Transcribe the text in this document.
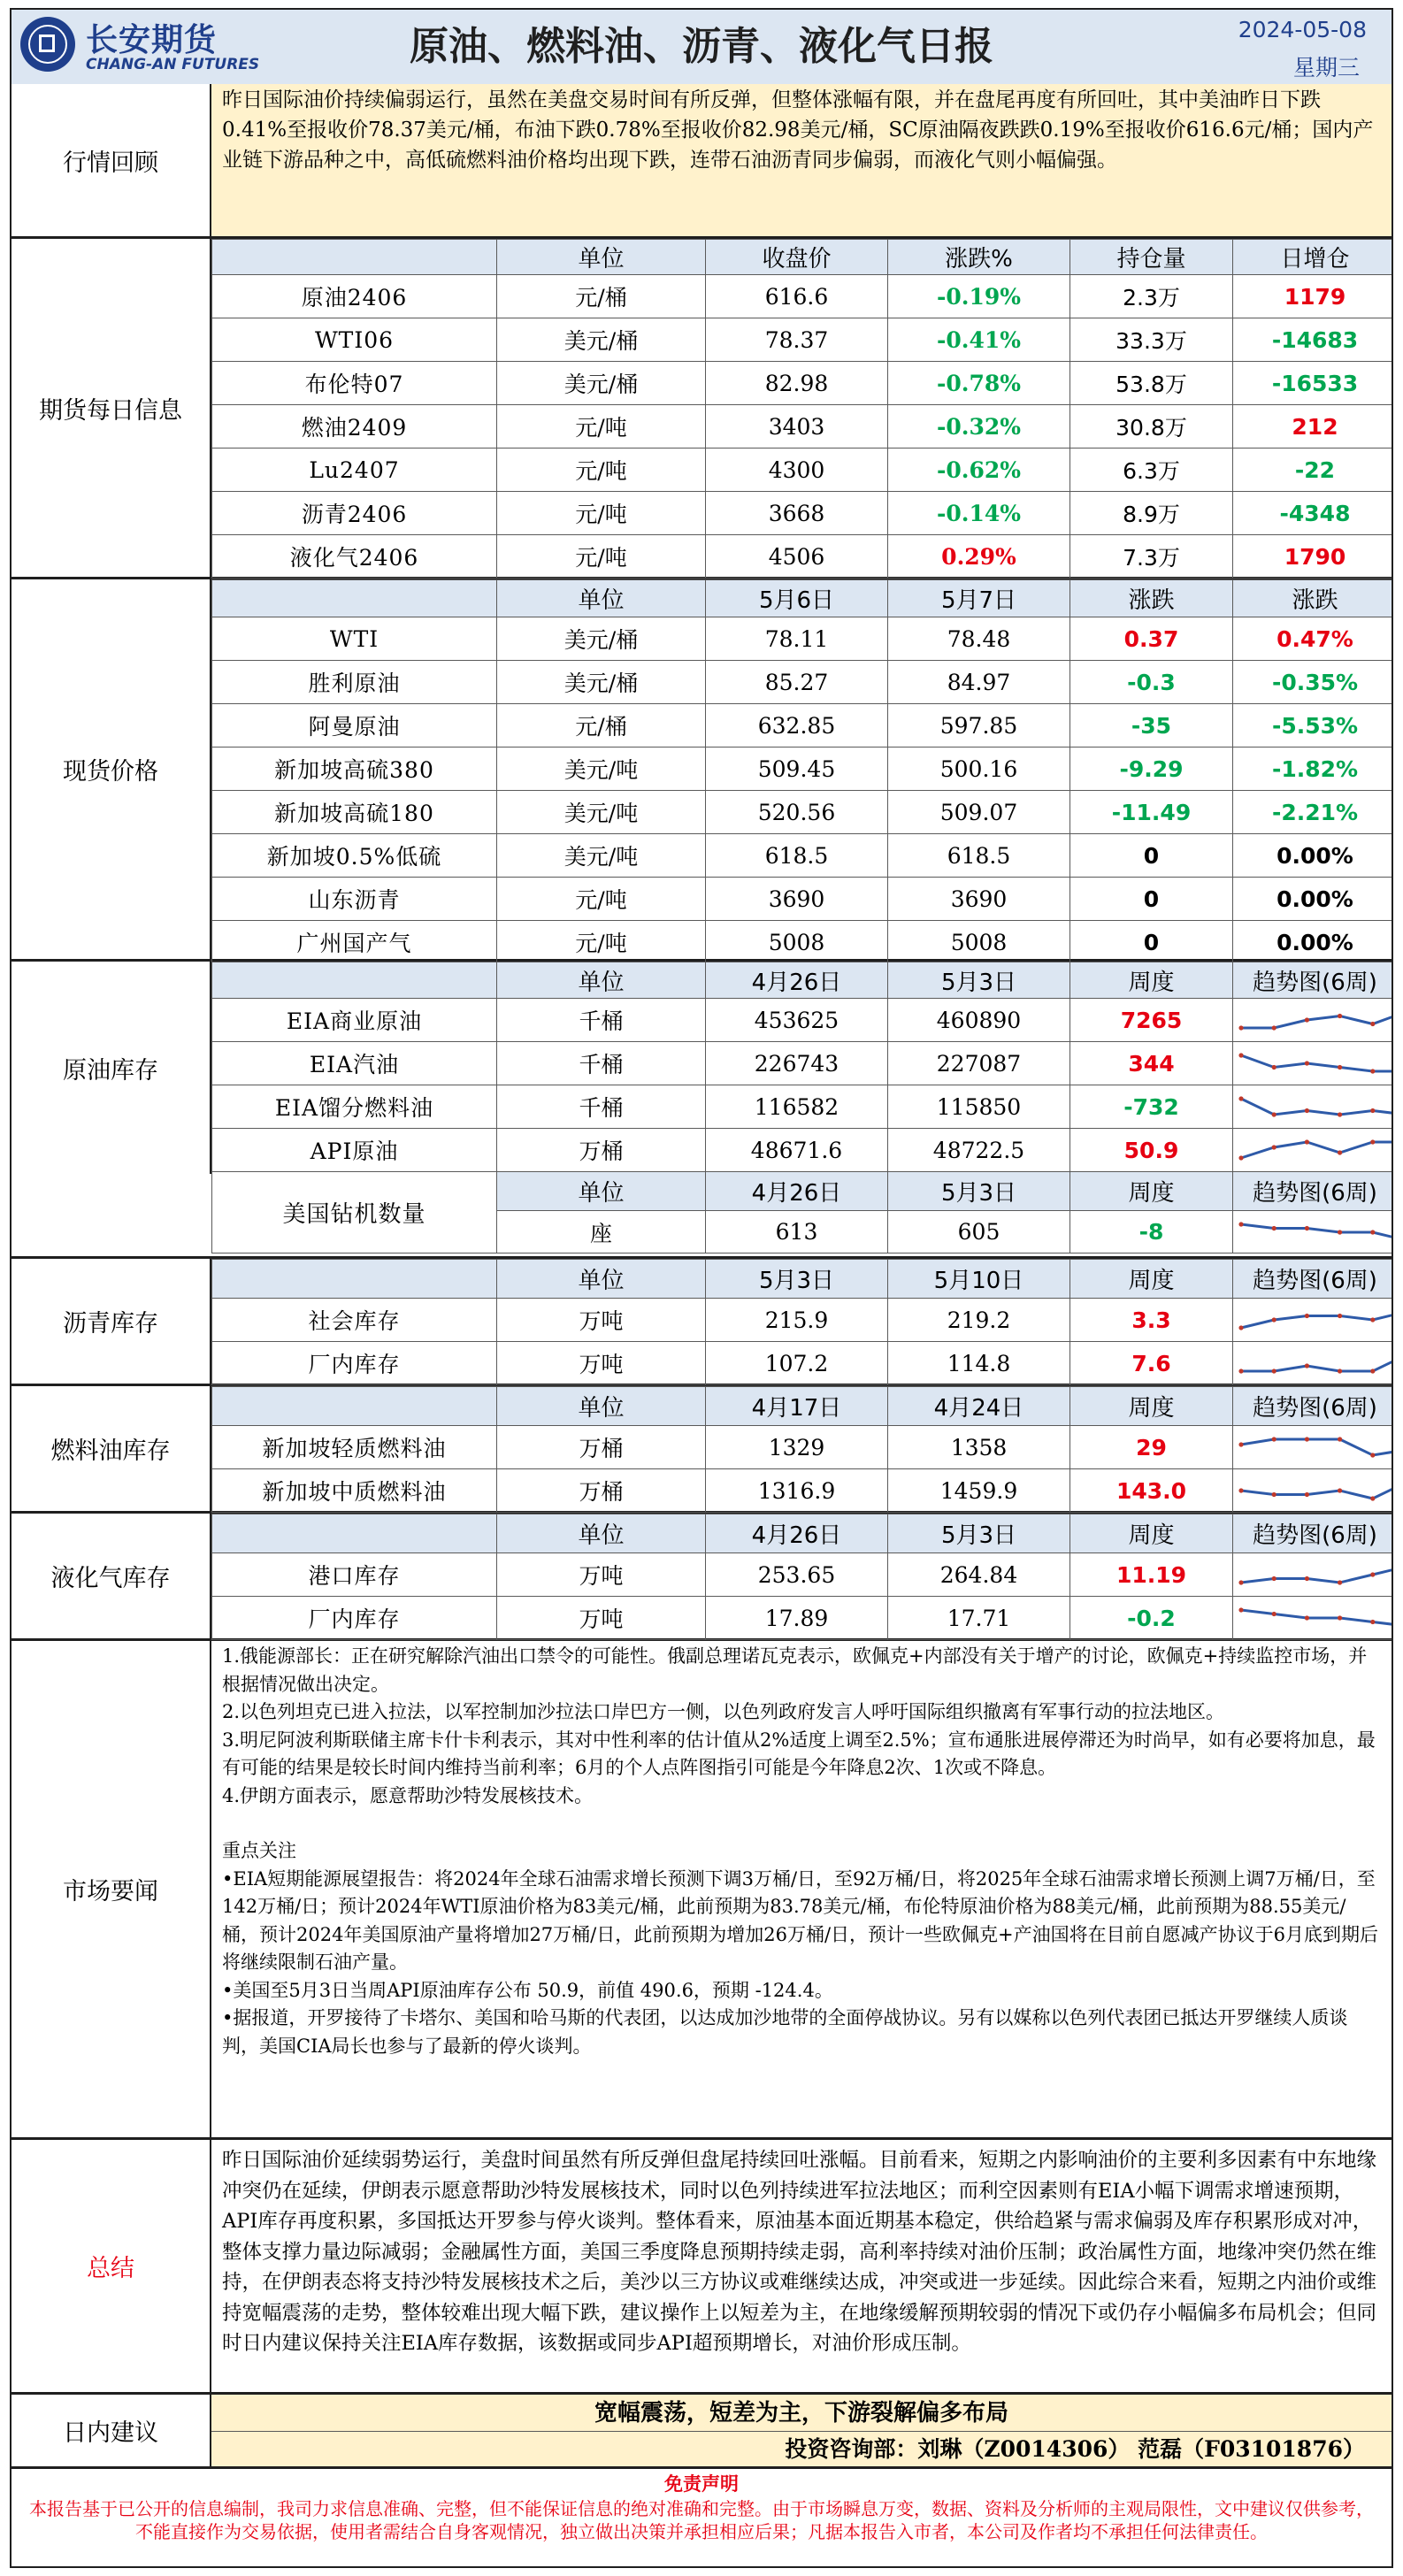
长安期货
CHANG-AN FUTURES	原油、燃料油、沥青、液化气日报	2024-05-08
星期三
行情回顾
昨日国际油价持续偏弱运行，虽然在美盘交易时间有所反弹，但整体涨幅有限，并在盘尾再度有所回吐，其中美油昨日下跌0.41%至报收价78.37美元/桶，布油下跌0.78%至报收价82.98美元/桶，SC原油隔夜跌跌0.19%至报收价616.6元/桶；国内产业链下游品种之中，高低硫燃料油价格均出现下跌，连带石油沥青同步偏弱，而液化气则小幅偏强。
期货每日信息
	单位	收盘价	涨跌%	持仓量	日增仓
原油2406	元/桶	616.6	-0.19%	2.3万	1179
WTI06	美元/桶	78.37	-0.41%	33.3万	-14683
布伦特07	美元/桶	82.98	-0.78%	53.8万	-16533
燃油2409	元/吨	3403	-0.32%	30.8万	212
Lu2407	元/吨	4300	-0.62%	6.3万	-22
沥青2406	元/吨	3668	-0.14%	8.9万	-4348
液化气2406	元/吨	4506	0.29%	7.3万	1790
现货价格
	单位	5月6日	5月7日	涨跌	涨跌
WTI	美元/桶	78.11	78.48	0.37	0.47%
胜利原油	美元/桶	85.27	84.97	-0.3	-0.35%
阿曼原油	元/桶	632.85	597.85	-35	-5.53%
新加坡高硫380	美元/吨	509.45	500.16	-9.29	-1.82%
新加坡高硫180	美元/吨	520.56	509.07	-11.49	-2.21%
新加坡0.5%低硫	美元/吨	618.5	618.5	0	0.00%
山东沥青	元/吨	3690	3690	0	0.00%
广州国产气	元/吨	5008	5008	0	0.00%
原油库存
	单位	4月26日	5月3日	周度	趋势图(6周)
EIA商业原油	千桶	453625	460890	7265	

EIA汽油	千桶	226743	227087	344	

EIA馏分燃料油	千桶	116582	115850	-732	

API原油	万桶	48671.6	48722.5	50.9	

美国钻机数量	单位	4月26日	5月3日	周度	趋势图(6周)
	座	613	605	-8	
沥青库存
	单位	5月3日	5月10日	周度	趋势图(6周)
社会库存	万吨	215.9	219.2	3.3	

厂内库存	万吨	107.2	114.8	7.6	
燃料油库存
	单位	4月17日	4月24日	周度	趋势图(6周)
新加坡轻质燃料油	万桶	1329	1358	29	

新加坡中质燃料油	万桶	1316.9	1459.9	143.0	
液化气库存
	单位	4月26日	5月3日	周度	趋势图(6周)
港口库存	万吨	253.65	264.84	11.19	

厂内库存	万吨	17.89	17.71	-0.2	
市场要闻
1.俄能源部长：正在研究解除汽油出口禁令的可能性。俄副总理诺瓦克表示，欧佩克+内部没有关于增产的讨论，欧佩克+持续监控市场，并根据情况做出决定。
2.以色列坦克已进入拉法，以军控制加沙拉法口岸巴方一侧，以色列政府发言人呼吁国际组织撤离有军事行动的拉法地区。
3.明尼阿波利斯联储主席卡什卡利表示，其对中性利率的估计值从2%适度上调至2.5%；宣布通胀进展停滞还为时尚早，如有必要将加息，最有可能的结果是较长时间内维持当前利率；6月的个人点阵图指引可能是今年降息2次、1次或不降息。
4.伊朗方面表示，愿意帮助沙特发展核技术。
重点关注
•EIA短期能源展望报告：将2024年全球石油需求增长预测下调3万桶/日，至92万桶/日，将2025年全球石油需求增长预测上调7万桶/日，至142万桶/日；预计2024年WTI原油价格为83美元/桶，此前预期为83.78美元/桶，布伦特原油价格为88美元/桶，此前预期为88.55美元/桶，预计2024年美国原油产量将增加27万桶/日，此前预期为增加26万桶/日，预计一些欧佩克+产油国将在目前自愿减产协议于6月底到期后将继续限制石油产量。
•美国至5月3日当周API原油库存公布 50.9，前值 490.6，预期 -124.4。
•据报道，开罗接待了卡塔尔、美国和哈马斯的代表团，以达成加沙地带的全面停战协议。另有以媒称以色列代表团已抵达开罗继续人质谈判，美国CIA局长也参与了最新的停火谈判。
总结
昨日国际油价延续弱势运行，美盘时间虽然有所反弹但盘尾持续回吐涨幅。目前看来，短期之内影响油价的主要利多因素有中东地缘冲突仍在延续，伊朗表示愿意帮助沙特发展核技术，同时以色列持续进军拉法地区；而利空因素则有EIA小幅下调需求增速预期，API库存再度积累，多国抵达开罗参与停火谈判。整体看来，原油基本面近期基本稳定，供给趋紧与需求偏弱及库存积累形成对冲，整体支撑力量边际减弱；金融属性方面，美国三季度降息预期持续走弱，高利率持续对油价压制；政治属性方面，地缘冲突仍然在维持，在伊朗表态将支持沙特发展核技术之后，美沙以三方协议或难继续达成，冲突或进一步延续。因此综合来看，短期之内油价或维持宽幅震荡的走势，整体较难出现大幅下跌，建议操作上以短差为主，在地缘缓解预期较弱的情况下或仍存小幅偏多布局机会；但同时日内建议保持关注EIA库存数据，该数据或同步API超预期增长，对油价形成压制。
日内建议
宽幅震荡，短差为主，下游裂解偏多布局
投资咨询部：刘琳（Z0014306） 范磊（F03101876）
免责声明
本报告基于已公开的信息编制，我司力求信息准确、完整，但不能保证信息的绝对准确和完整。由于市场瞬息万变，数据、资料及分析师的主观局限性，文中建议仅供参考，不能直接作为交易依据，使用者需结合自身客观情况，独立做出决策并承担相应后果；凡据本报告入市者，本公司及作者均不承担任何法律责任。
